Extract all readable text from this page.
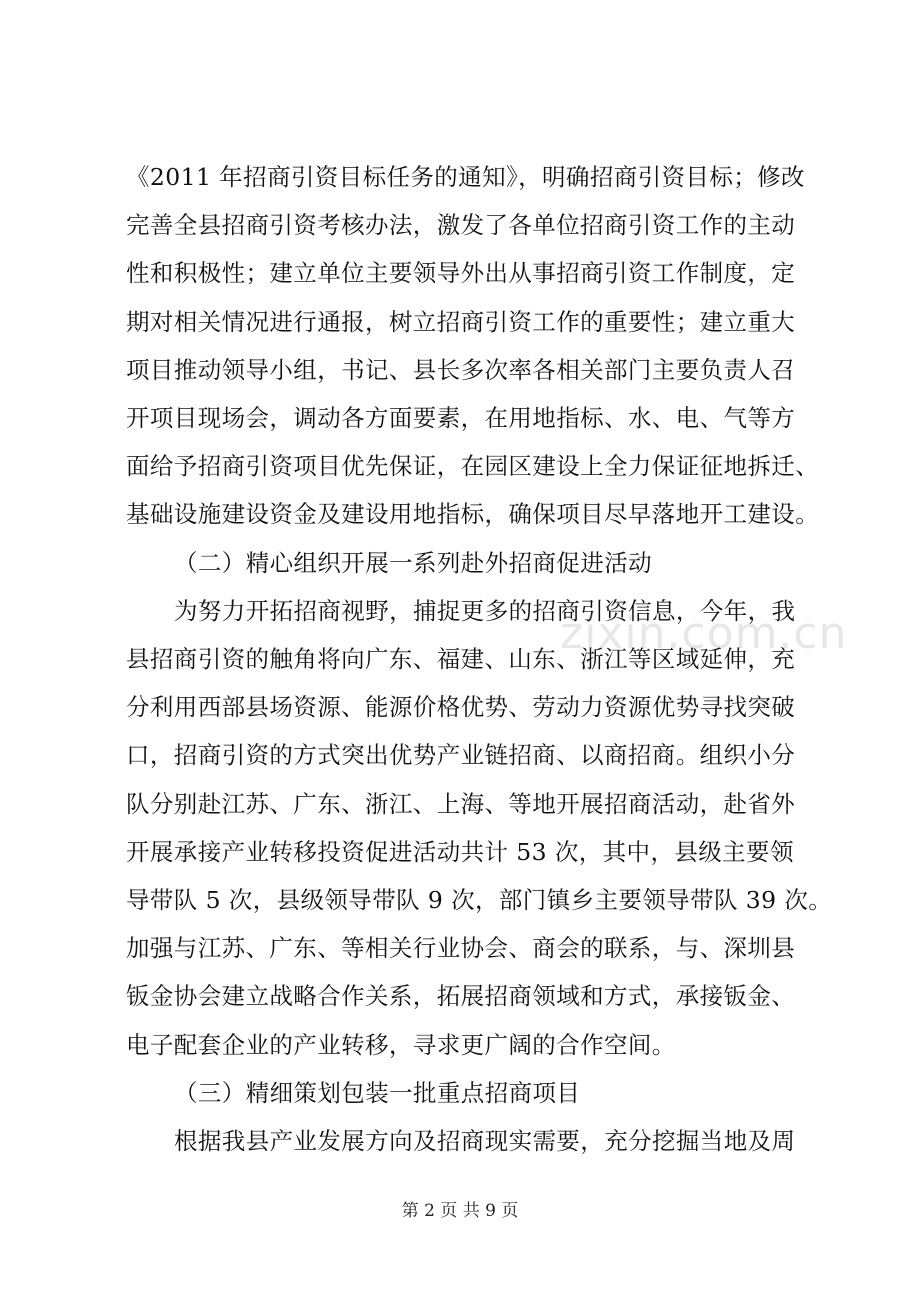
《2011 年招商引资目标任务的通知》，明确招商引资目标；修改
完善全县招商引资考核办法，激发了各单位招商引资工作的主动
性和积极性；建立单位主要领导外出从事招商引资工作制度，定
期对相关情况进行通报，树立招商引资工作的重要性；建立重大
项目推动领导小组，书记、县长多次率各相关部门主要负责人召
开项目现场会，调动各方面要素，在用地指标、水、电、气等方
面给予招商引资项目优先保证，在园区建设上全力保证征地拆迁、
基础设施建设资金及建设用地指标，确保项目尽早落地开工建设。
（二）精心组织开展一系列赴外招商促进活动
为努力开拓招商视野，捕捉更多的招商引资信息，今年，我
县招商引资的触角将向广东、福建、山东、浙江等区域延伸，充
分利用西部县场资源、能源价格优势、劳动力资源优势寻找突破
口，招商引资的方式突出优势产业链招商、以商招商。组织小分
队分别赴江苏、广东、浙江、上海、等地开展招商活动，赴省外
开展承接产业转移投资促进活动共计 53 次，其中，县级主要领
导带队 5 次，县级领导带队 9 次，部门镇乡主要领导带队 39 次。
加强与江苏、广东、等相关行业协会、商会的联系，与、深圳县
钣金协会建立战略合作关系，拓展招商领域和方式，承接钣金、
电子配套企业的产业转移，寻求更广阔的合作空间。
（三）精细策划包装一批重点招商项目
根据我县产业发展方向及招商现实需要，充分挖掘当地及周
zixin.com.cn
第 2 页 共 9 页
